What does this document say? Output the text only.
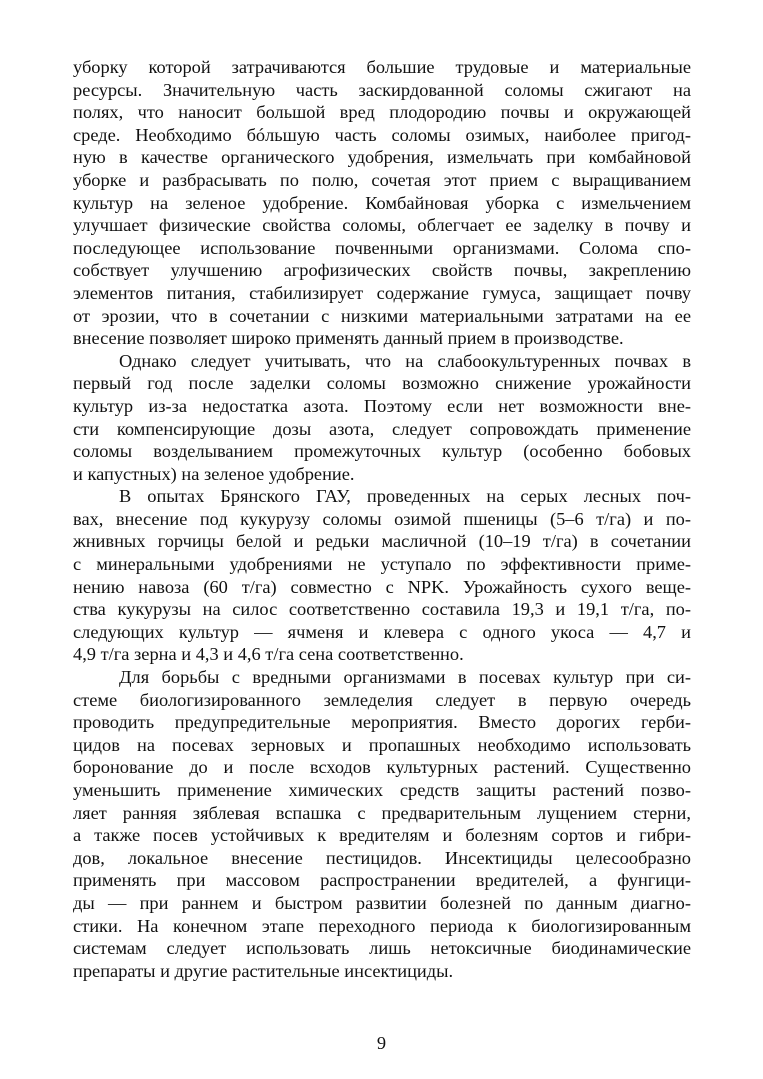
уборку которой затрачиваются большие трудовые и материальные
ресурсы. Значительную часть заскирдованной соломы сжигают на
полях, что наносит большой вред плодородию почвы и окружающей
среде. Необходимо бóльшую часть соломы озимых, наиболее пригод-
ную в качестве органического удобрения, измельчать при комбайновой
уборке и разбрасывать по полю, сочетая этот прием с выращиванием
культур на зеленое удобрение. Комбайновая уборка с измельчением
улучшает физические свойства соломы, облегчает ее заделку в почву и
последующее использование почвенными организмами. Солома спо-
собствует улучшению агрофизических свойств почвы, закреплению
элементов питания, стабилизирует содержание гумуса, защищает почву
от эрозии, что в сочетании с низкими материальными затратами на ее
внесение позволяет широко применять данный прием в производстве.
Однако следует учитывать, что на слабоокультуренных почвах в
первый год после заделки соломы возможно снижение урожайности
культур из-за недостатка азота. Поэтому если нет возможности вне-
сти компенсирующие дозы азота, следует сопровождать применение
соломы возделыванием промежуточных культур (особенно бобовых
и капустных) на зеленое удобрение.
В опытах Брянского ГАУ, проведенных на серых лесных поч-
вах, внесение под кукурузу соломы озимой пшеницы (5–6 т/га) и по-
жнивных горчицы белой и редьки масличной (10–19 т/га) в сочетании
с минеральными удобрениями не уступало по эффективности приме-
нению навоза (60 т/га) совместно с NPK. Урожайность сухого веще-
ства кукурузы на силос соответственно составила 19,3 и 19,1 т/га, по-
следующих культур — ячменя и клевера с одного укоса — 4,7 и
4,9 т/га зерна и 4,3 и 4,6 т/га сена соответственно.
Для борьбы с вредными организмами в посевах культур при си-
стеме биологизированного земледелия следует в первую очередь
проводить предупредительные мероприятия. Вместо дорогих герби-
цидов на посевах зерновых и пропашных необходимо использовать
боронование до и после всходов культурных растений. Существенно
уменьшить применение химических средств защиты растений позво-
ляет ранняя зяблевая вспашка с предварительным лущением стерни,
а также посев устойчивых к вредителям и болезням сортов и гибри-
дов, локальное внесение пестицидов. Инсектициды целесообразно
применять при массовом распространении вредителей, а фунгици-
ды — при раннем и быстром развитии болезней по данным диагно-
стики. На конечном этапе переходного периода к биологизированным
системам следует использовать лишь нетоксичные биодинамические
препараты и другие растительные инсектициды.
9
